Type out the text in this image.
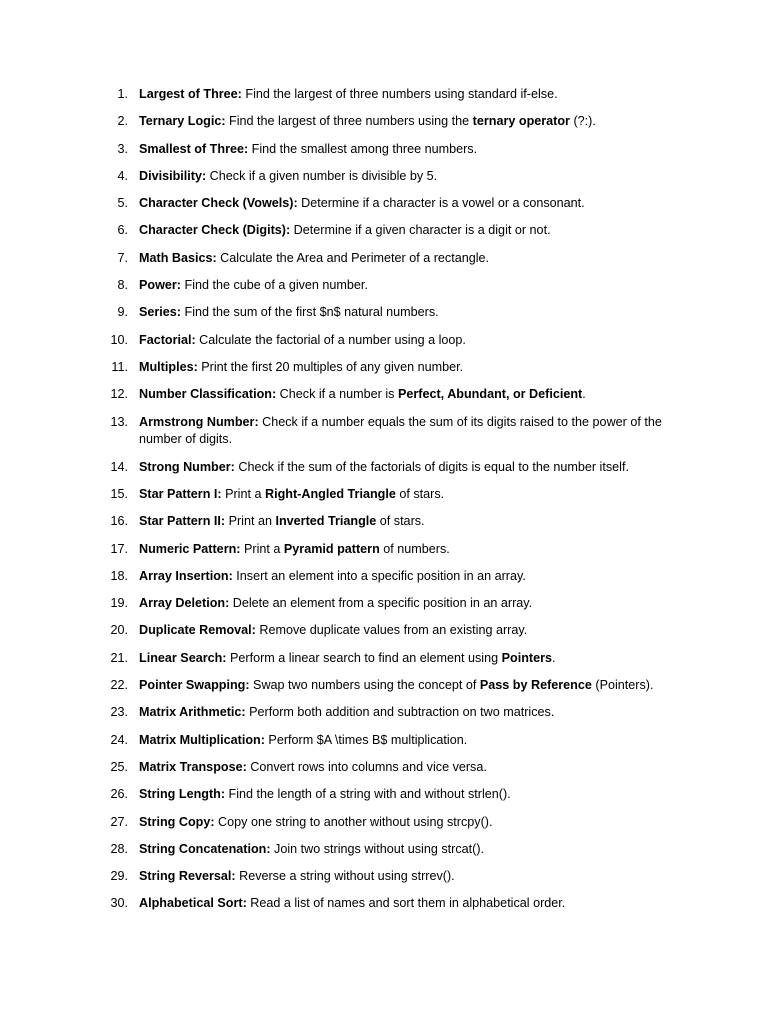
1. Largest of Three: Find the largest of three numbers using standard if-else.
2. Ternary Logic: Find the largest of three numbers using the ternary operator (?:).
3. Smallest of Three: Find the smallest among three numbers.
4. Divisibility: Check if a given number is divisible by 5.
5. Character Check (Vowels): Determine if a character is a vowel or a consonant.
6. Character Check (Digits): Determine if a given character is a digit or not.
7. Math Basics: Calculate the Area and Perimeter of a rectangle.
8. Power: Find the cube of a given number.
9. Series: Find the sum of the first $n$ natural numbers.
10. Factorial: Calculate the factorial of a number using a loop.
11. Multiples: Print the first 20 multiples of any given number.
12. Number Classification: Check if a number is Perfect, Abundant, or Deficient.
13. Armstrong Number: Check if a number equals the sum of its digits raised to the power of the number of digits.
14. Strong Number: Check if the sum of the factorials of digits is equal to the number itself.
15. Star Pattern I: Print a Right-Angled Triangle of stars.
16. Star Pattern II: Print an Inverted Triangle of stars.
17. Numeric Pattern: Print a Pyramid pattern of numbers.
18. Array Insertion: Insert an element into a specific position in an array.
19. Array Deletion: Delete an element from a specific position in an array.
20. Duplicate Removal: Remove duplicate values from an existing array.
21. Linear Search: Perform a linear search to find an element using Pointers.
22. Pointer Swapping: Swap two numbers using the concept of Pass by Reference (Pointers).
23. Matrix Arithmetic: Perform both addition and subtraction on two matrices.
24. Matrix Multiplication: Perform $A \times B$ multiplication.
25. Matrix Transpose: Convert rows into columns and vice versa.
26. String Length: Find the length of a string with and without strlen().
27. String Copy: Copy one string to another without using strcpy().
28. String Concatenation: Join two strings without using strcat().
29. String Reversal: Reverse a string without using strrev().
30. Alphabetical Sort: Read a list of names and sort them in alphabetical order.
